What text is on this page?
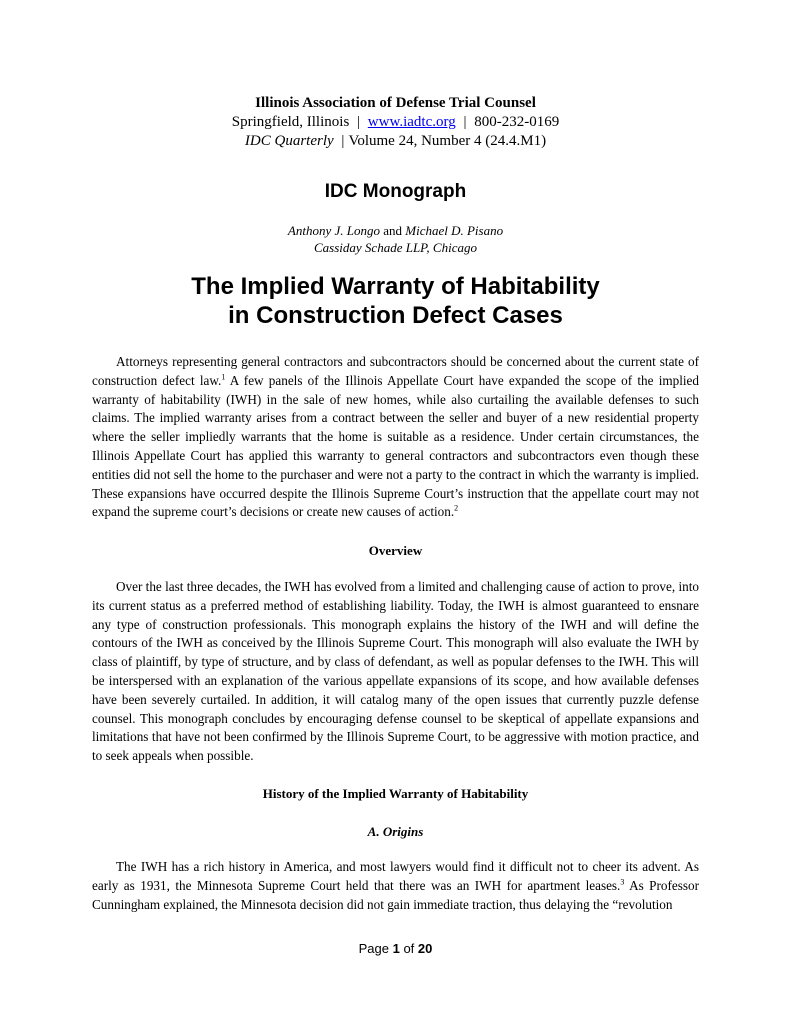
Illinois Association of Defense Trial Counsel
Springfield, Illinois | www.iadtc.org | 800-232-0169
IDC Quarterly | Volume 24, Number 4 (24.4.M1)
IDC Monograph
Anthony J. Longo and Michael D. Pisano
Cassiday Schade LLP, Chicago
The Implied Warranty of Habitability
in Construction Defect Cases

Attorneys representing general contractors and subcontractors should be concerned about the current state of construction defect law.$^1$ A few panels of the Illinois Appellate Court have expanded the scope of the implied warranty of habitability (IWH) in the sale of new homes, while also curtailing the available defenses to such claims. The implied warranty arises from a contract between the seller and buyer of a new residential property where the seller impliedly warrants that the home is suitable as a residence. Under certain circumstances, the Illinois Appellate Court has applied this warranty to general contractors and subcontractors even though these entities did not sell the home to the purchaser and were not a party to the contract in which the warranty is implied. These expansions have occurred despite the Illinois Supreme Court’s instruction that the appellate court may not expand the supreme court’s decisions or create new causes of action.$^2$

Overview

Over the last three decades, the IWH has evolved from a limited and challenging cause of action to prove, into its current status as a preferred method of establishing liability. Today, the IWH is almost guaranteed to ensnare any type of construction professionals. This monograph explains the history of the IWH and will define the contours of the IWH as conceived by the Illinois Supreme Court. This monograph will also evaluate the IWH by class of plaintiff, by type of structure, and by class of defendant, as well as popular defenses to the IWH. This will be interspersed with an explanation of the various appellate expansions of its scope, and how available defenses have been severely curtailed. In addition, it will catalog many of the open issues that currently puzzle defense counsel. This monograph concludes by encouraging defense counsel to be skeptical of appellate expansions and limitations that have not been confirmed by the Illinois Supreme Court, to be aggressive with motion practice, and to seek appeals when possible.

History of the Implied Warranty of Habitability
A. Origins

The IWH has a rich history in America, and most lawyers would find it difficult not to cheer its advent. As early as 1931, the Minnesota Supreme Court held that there was an IWH for apartment leases.$^3$ As Professor Cunningham explained, the Minnesota decision did not gain immediate traction, thus delaying the “revolution

Page 1 of 20
